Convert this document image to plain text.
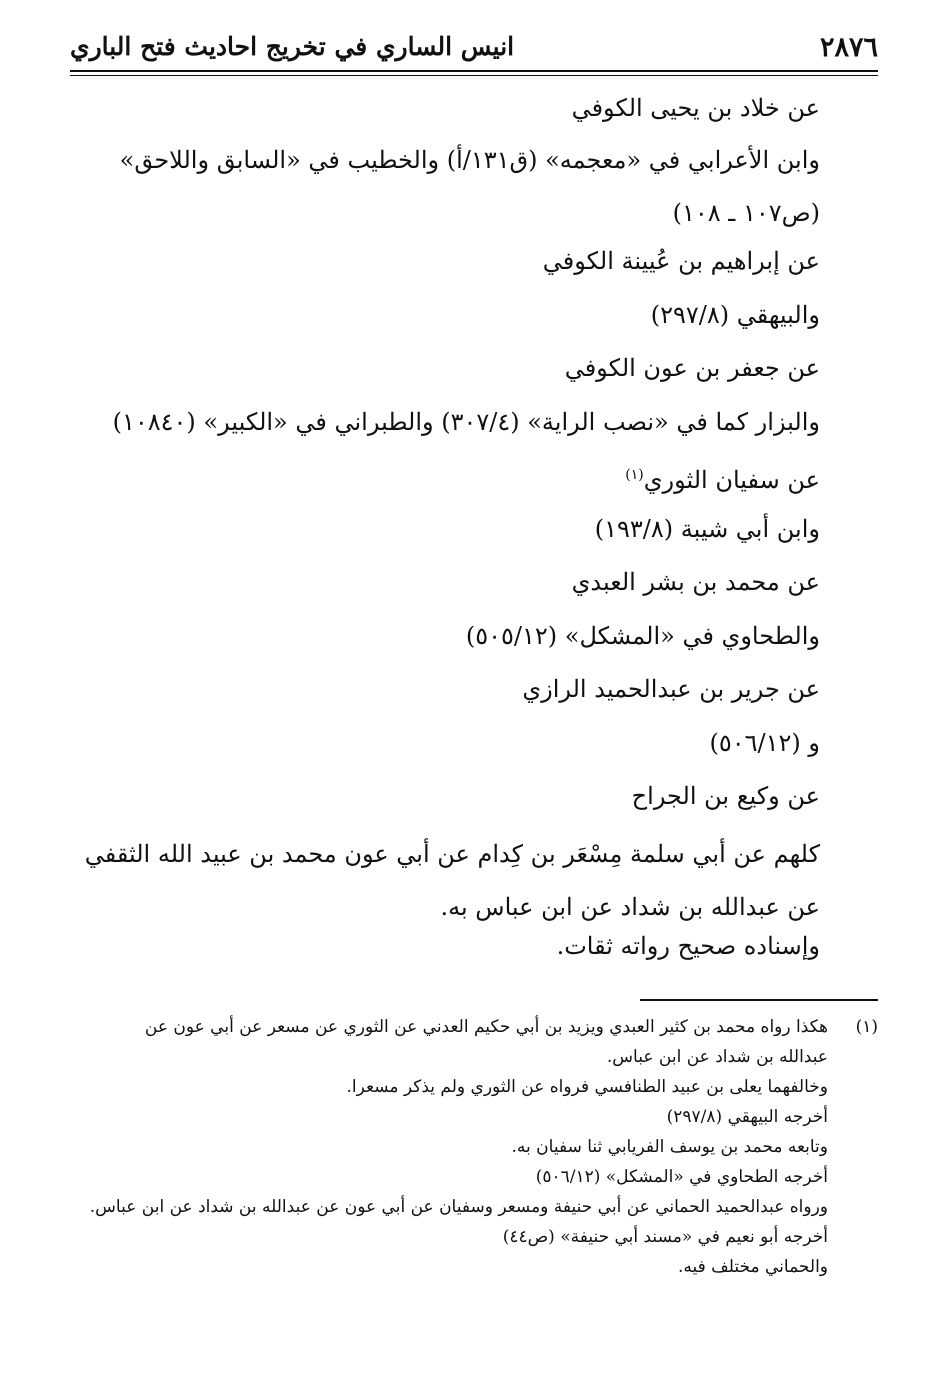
٢٨٧٦
انيس الساري في تخريج احاديث فتح الباري

عن خلاد بن يحيى الكوفي

وابن الأعرابي في «معجمه» (ق١٣١/أ) والخطيب في «السابق واللاحق» (ص١٠٧ ـ ١٠٨)

عن إبراهيم بن عُيينة الكوفي

والبيهقي (٢٩٧/٨)

عن جعفر بن عون الكوفي

والبزار كما في «نصب الراية» (٣٠٧/٤) والطبراني في «الكبير» (١٠٨٤٠)

عن سفيان الثوري$^{(١)}$

وابن أبي شيبة (١٩٣/٨)

عن محمد بن بشر العبدي

والطحاوي في «المشكل» (٥٠٥/١٢)

عن جرير بن عبدالحميد الرازي

و (٥٠٦/١٢)

عن وكيع بن الجراح

كلهم عن أبي سلمة مِسْعَر بن كِدام عن أبي عون محمد بن عبيد الله الثقفي عن عبدالله بن شداد عن ابن عباس به.

وإسناده صحيح رواته ثقات.

(١)

هكذا رواه محمد بن كثير العبدي ويزيد بن أبي حكيم العدني عن الثوري عن مسعر عن أبي عون عن

عبدالله بن شداد عن ابن عباس.

وخالفهما يعلى بن عبيد الطنافسي فرواه عن الثوري ولم يذكر مسعرا.

أخرجه البيهقي (٢٩٧/٨)

وتابعه محمد بن يوسف الفريابي ثنا سفيان به.

أخرجه الطحاوي في «المشكل» (٥٠٦/١٢)

ورواه عبدالحميد الحماني عن أبي حنيفة ومسعر وسفيان عن أبي عون عن عبدالله بن شداد عن ابن عباس.

أخرجه أبو نعيم في «مسند أبي حنيفة» (ص٤٤)

والحماني مختلف فيه.
